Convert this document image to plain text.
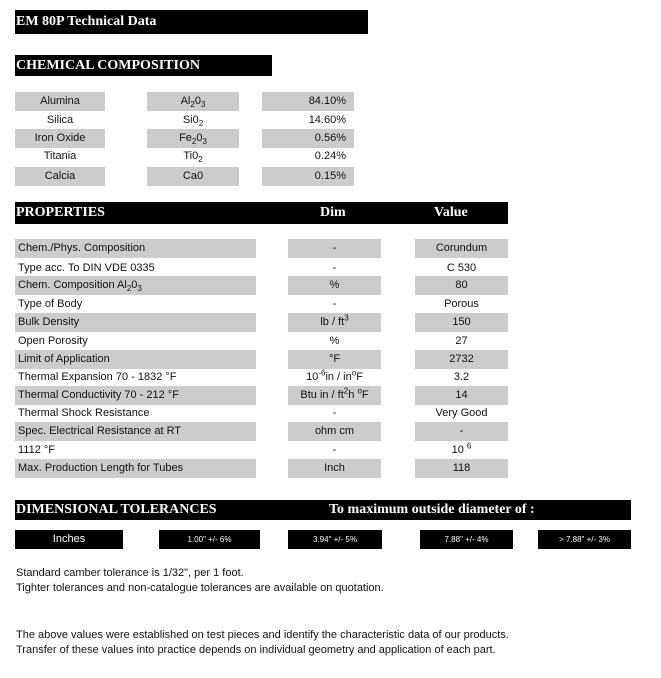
EM 80P Technical Data
CHEMICAL COMPOSITION
Alumina	$Al_20_3$	84.10%
Silica	$Si0_2$	14.60%
Iron Oxide	$Fe_20_3$	0.56%
Titania	$Ti0_2$	0.24%
Calcia	Ca0	0.15%
PROPERTIES	Dim	Value
Chem./Phys. Composition	-	Corundum
Type acc. To DIN VDE 0335	-	C 530
Chem. Composition $Al_20_3$	%	80
Type of Body	-	Porous
Bulk Density	lb / $ft^3$	150
Open Porosity	%	27
Limit of Application	°F	2732
Thermal Expansion 70 - 1832 °F	$10^{-6}in / in^oF$	3.2
Thermal Conductivity 70 - 212 °F	Btu in / $ft^2h$ $^o$F	14
Thermal Shock Resistance	-	Very Good
Spec. Electrical Resistance at RT	ohm cm	-
1112 °F	-	10 $^6$
Max. Production Length for Tubes	Inch	118
DIMENSIONAL TOLERANCES	To maximum outside diameter of :
Inches	1.00" +/- 6%	3.94" +/- 5%	7.88" +/- 4%	> 7.88" +/- 3%
Standard camber tolerance is 1/32", per 1 foot.
Tighter tolerances and non-catalogue tolerances are available on quotation.
The above values were established on test pieces and identify the characteristic data of our products.
Transfer of these values into practice depends on individual geometry and application of each part.
